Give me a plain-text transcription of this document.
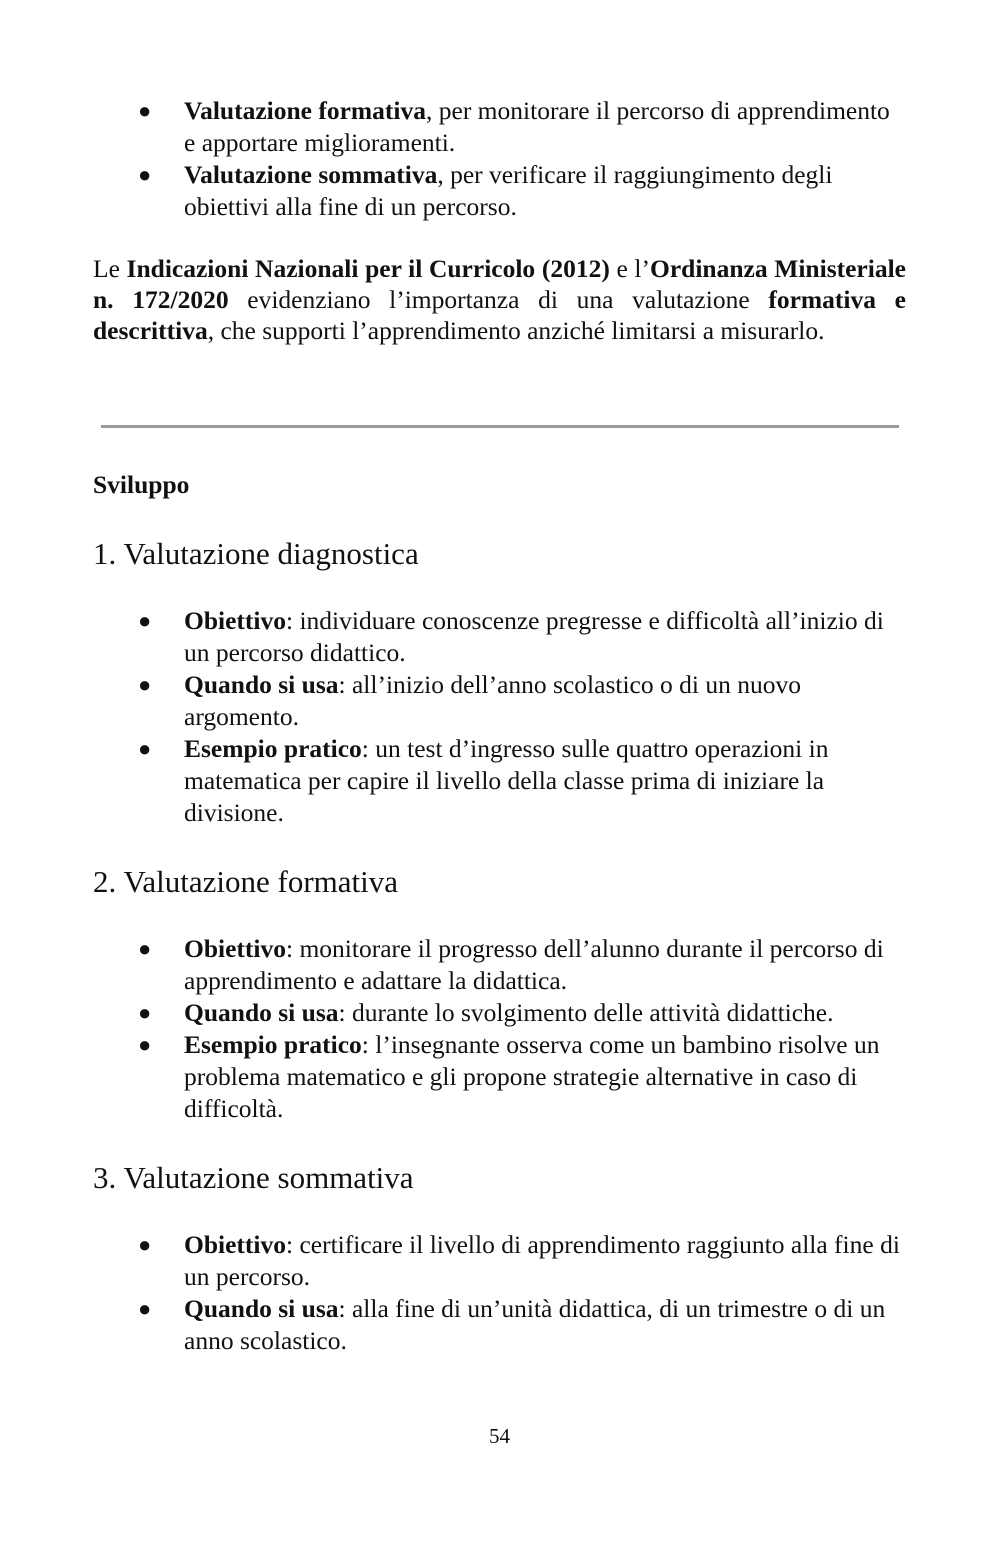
● Valutazione formativa, per monitorare il percorso di apprendimento e apportare miglioramenti.
● Valutazione sommativa, per verificare il raggiungimento degli obiettivi alla fine di un percorso.

Le Indicazioni Nazionali per il Curricolo (2012) e l’Ordinanza Ministeriale n. 172/2020 evidenziano l’importanza di una valutazione formativa e descrittiva, che supporti l’apprendimento anziché limitarsi a misurarlo.

Sviluppo

1. Valutazione diagnostica
● Obiettivo: individuare conoscenze pregresse e difficoltà all’inizio di un percorso didattico.
● Quando si usa: all’inizio dell’anno scolastico o di un nuovo argomento.
● Esempio pratico: un test d’ingresso sulle quattro operazioni in matematica per capire il livello della classe prima di iniziare la divisione.
2. Valutazione formativa
● Obiettivo: monitorare il progresso dell’alunno durante il percorso di apprendimento e adattare la didattica.
● Quando si usa: durante lo svolgimento delle attività didattiche.
● Esempio pratico: l’insegnante osserva come un bambino risolve un problema matematico e gli propone strategie alternative in caso di difficoltà.
3. Valutazione sommativa
● Obiettivo: certificare il livello di apprendimento raggiunto alla fine di un percorso.
● Quando si usa: alla fine di un’unità didattica, di un trimestre o di un anno scolastico.
54
